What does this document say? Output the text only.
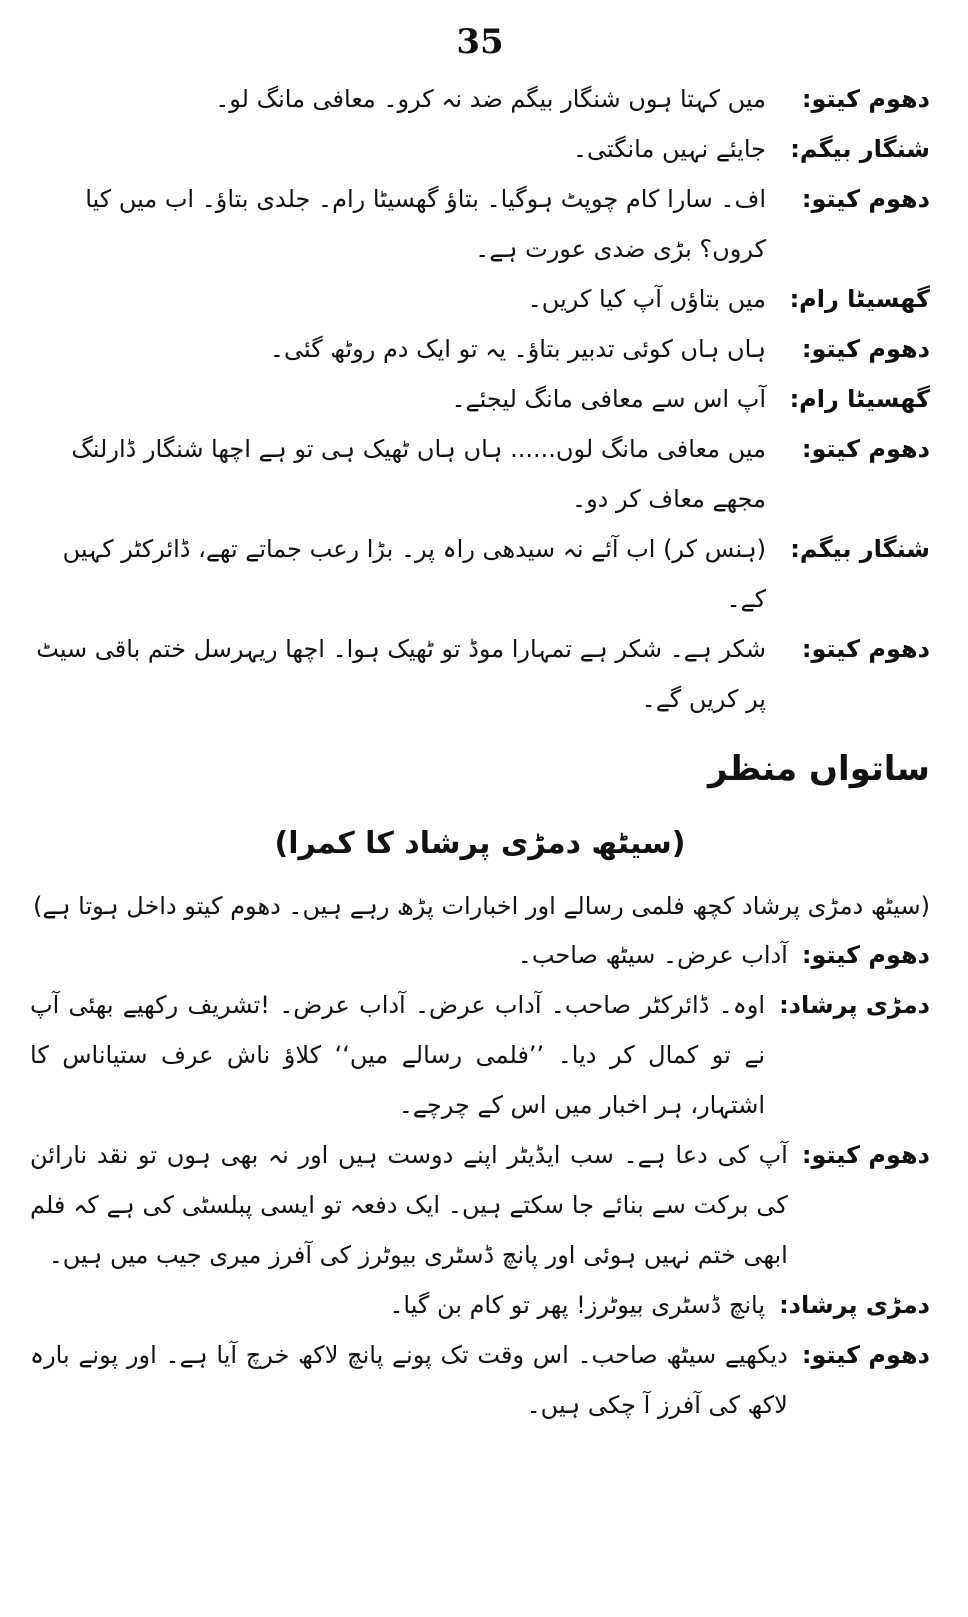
35
دھوم کیتو:
میں کہتا ہوں شنگار بیگم ضد نہ کرو۔ معافی مانگ لو۔
شنگار بیگم:
جایئے نہیں مانگتی۔
دھوم کیتو:
اف۔ سارا کام چوپٹ ہوگیا۔ بتاؤ گھسیٹا رام۔ جلدی بتاؤ۔ اب میں کیا کروں؟ بڑی ضدی عورت ہے۔
گھسیٹا رام:
میں بتاؤں آپ کیا کریں۔
دھوم کیتو:
ہاں ہاں کوئی تدبیر بتاؤ۔ یہ تو ایک دم روٹھ گئی۔
گھسیٹا رام:
آپ اس سے معافی مانگ لیجئے۔
دھوم کیتو:
میں معافی مانگ لوں...... ہاں ہاں ٹھیک ہی تو ہے اچھا شنگار ڈارلنگ مجھے معاف کر دو۔
شنگار بیگم:
(ہنس کر) اب آئے نہ سیدھی راہ پر۔ بڑا رعب جماتے تھے، ڈائرکٹر کہیں کے۔
دھوم کیتو:
شکر ہے۔ شکر ہے تمہارا موڈ تو ٹھیک ہوا۔ اچھا ریہرسل ختم باقی سیٹ پر کریں گے۔
ساتواں منظر
(سیٹھ دمڑی پرشاد کا کمرا)
(سیٹھ دمڑی پرشاد کچھ فلمی رسالے اور اخبارات پڑھ رہے ہیں۔ دھوم کیتو داخل ہوتا ہے)
دھوم کیتو:
آداب عرض۔ سیٹھ صاحب۔
دمڑی پرشاد:
اوہ۔ ڈائرکٹر صاحب۔ آداب عرض۔ آداب عرض۔ !تشریف رکھیے بھئی آپ نے تو کمال کر دیا۔ ’’فلمی رسالے میں‘‘ کلاؤ ناش عرف ستیاناس کا اشتہار، ہر اخبار میں اس کے چرچے۔
دھوم کیتو:
آپ کی دعا ہے۔ سب ایڈیٹر اپنے دوست ہیں اور نہ بھی ہوں تو نقد نارائن کی برکت سے بنائے جا سکتے ہیں۔ ایک دفعہ تو ایسی پبلسٹی کی ہے کہ فلم ابھی ختم نہیں ہوئی اور پانچ ڈسٹری بیوٹرز کی آفرز میری جیب میں ہیں۔
دمڑی پرشاد:
پانچ ڈسٹری بیوٹرز! پھر تو کام بن گیا۔
دھوم کیتو:
دیکھیے سیٹھ صاحب۔ اس وقت تک پونے پانچ لاکھ خرچ آیا ہے۔ اور پونے بارہ لاکھ کی آفرز آ چکی ہیں۔
